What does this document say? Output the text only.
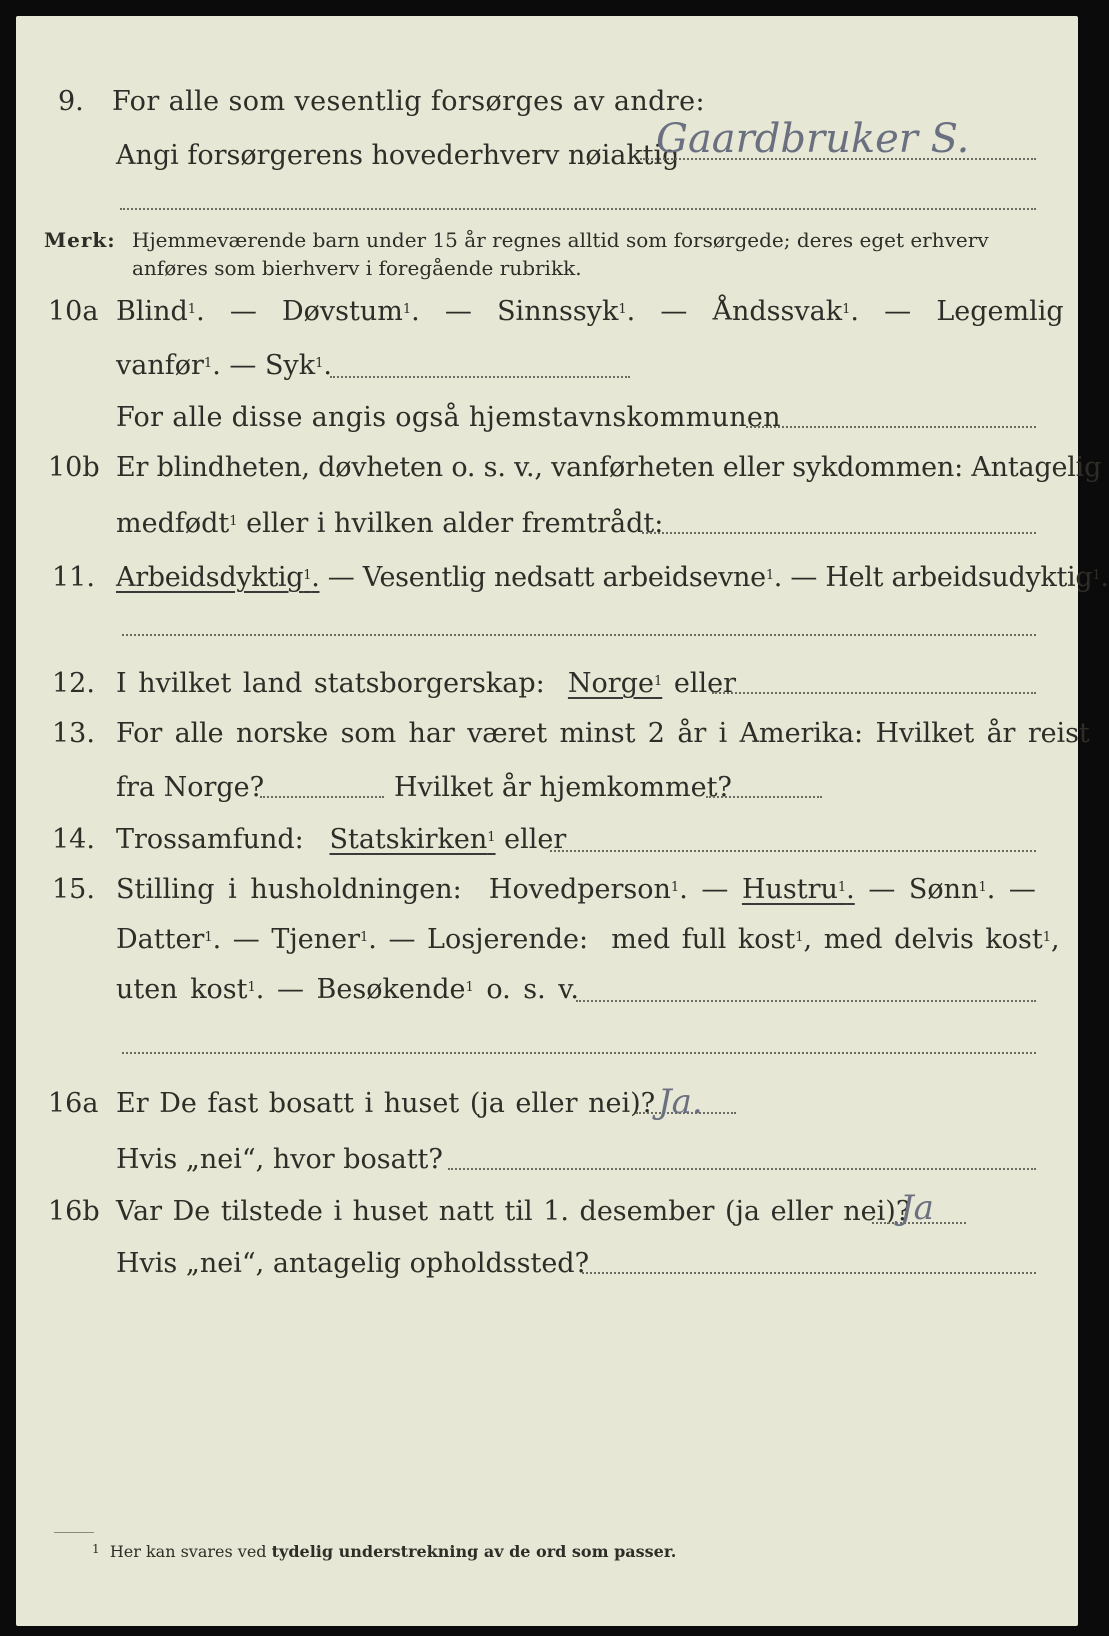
9. For alle som vesentlig forsørges av andre:
Angi forsørgerens hovederhverv nøiaktig
Gaardbruker S.
Merk: Hjemmeværende barn under 15 år regnes alltid som forsørgede; deres eget erhverv
anføres som bierhverv i foregående rubrikk.
10a Blind$^1$.  —  Døvstum$^1$.  —  Sinnssyk$^1$.  —  Åndssvak$^1$.  —  Legemlig
vanfør$^1$. — Syk$^1$.
For alle disse angis også hjemstavnskommunen
10b Er blindheten, døvheten o. s. v., vanførheten eller sykdommen: Antagelig
medfødt$^1$ eller i hvilken alder fremtrådt:
11. Arbeidsdyktig$^1$. — Vesentlig nedsatt arbeidsevne$^1$. — Helt arbeidsudyktig$^1$.
12. I hvilket land statsborgerskap: Norge$^1$ eller
13. For alle norske som har været minst 2 år i Amerika: Hvilket år reist
fra Norge?	Hvilket år hjemkommet?
14. Trossamfund: Statskirken$^1$ eller
15. Stilling i husholdningen: Hovedperson$^1$. — Hustru$^1$. — Sønn$^1$. —
Datter$^1$. — Tjener$^1$. — Losjerende: med full kost$^1$, med delvis kost$^1$,
uten kost$^1$. — Besøkende$^1$ o. s. v.
16a Er De fast bosatt i huset (ja eller nei)? Ja.
Hvis „nei“, hvor bosatt?
16b Var De tilstede i huset natt til 1. desember (ja eller nei)?
Ja
Hvis „nei“, antagelig opholdssted?
$^1$ Her kan svares ved tydelig understrekning av de ord som passer.
